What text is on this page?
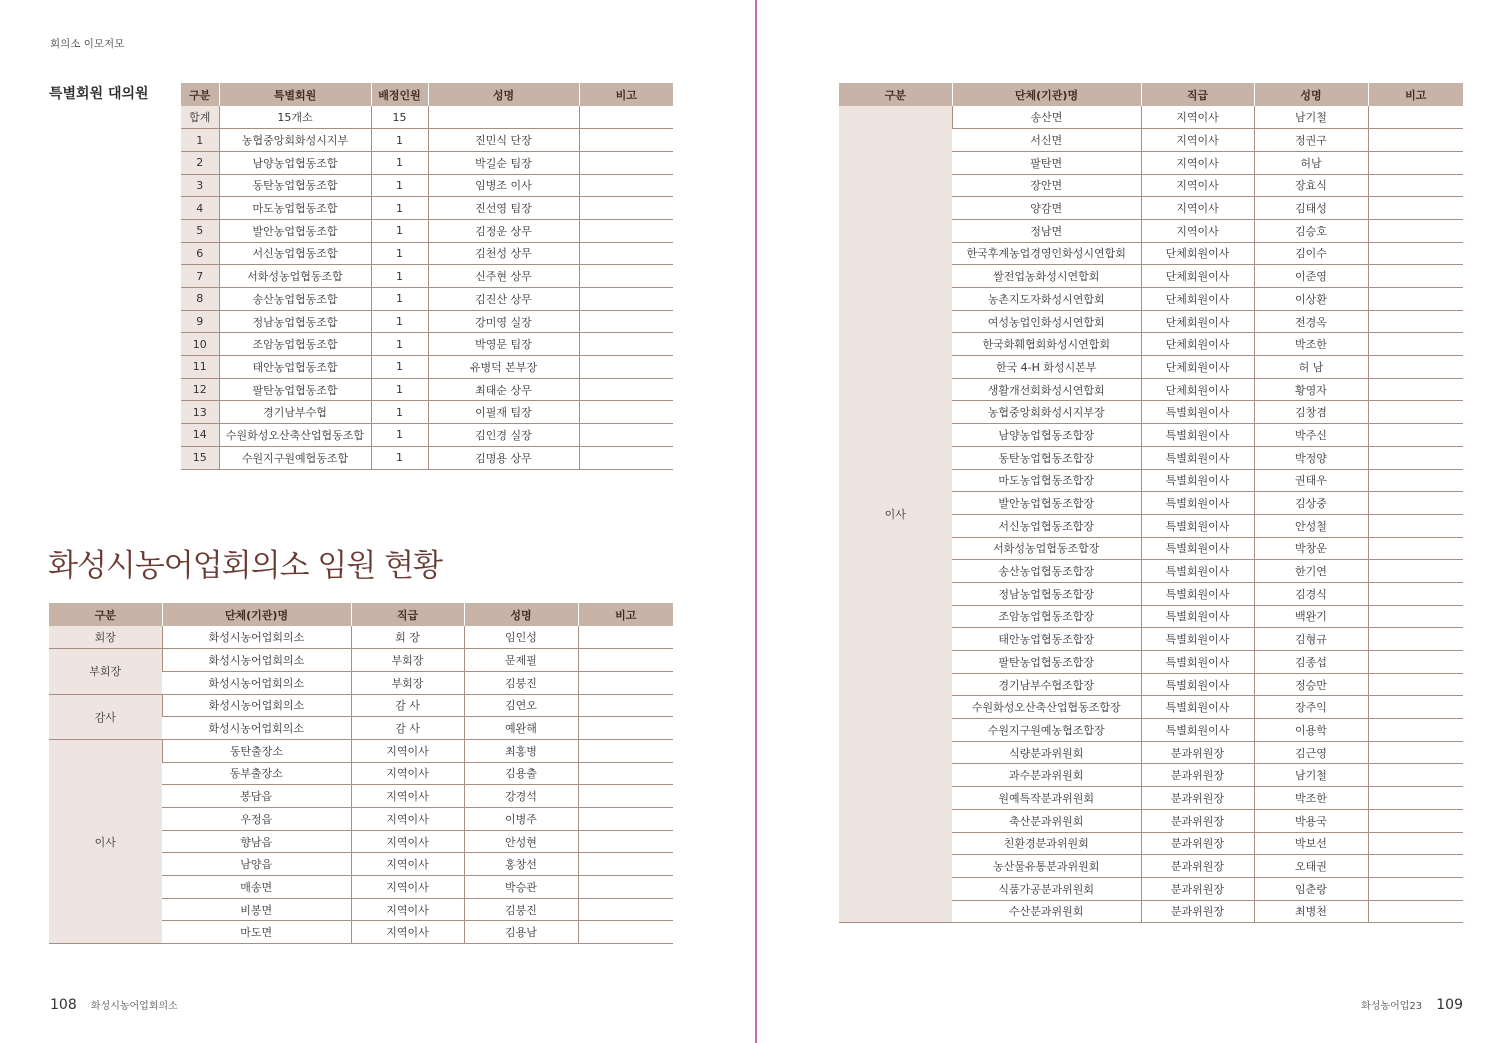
회의소 이모저모
특별회원 대의원	구분	특별회원	배정인원	성명	비고
합계	15개소	15		
1	농협중앙회화성시지부	1	진민식 단장	
2	남양농업협동조합	1	박길순 팀장	
3	동탄농업협동조합	1	임병조 이사	
4	마도농업협동조합	1	진선영 팀장	
5	발안농업협동조합	1	김정운 상무	
6	서신농업협동조합	1	김천성 상무	
7	서화성농업협동조합	1	신주현 상무	
8	송산농업협동조합	1	김진산 상무	
9	정남농업협동조합	1	강미영 실장	
10	조암농업협동조합	1	박영문 팀장	
11	태안농업협동조합	1	유병덕 본부장	
12	팔탄농업협동조합	1	최태순 상무	
13	경기남부수협	1	이필재 팀장	
14	수원화성오산축산업협동조합	1	김인경 실장	
15	수원지구원예협동조합	1	김명용 상무	
화성시농어업회의소 임원 현황
구분	단체(기관)명	직급	성명	비고
회장	화성시농어업회의소	회 장	임인성	
부회장	화성시농어업회의소	부회장	문제필	
	화성시농어업회의소	부회장	김붕진	
감사	화성시농어업회의소	감 사	김연오	
	화성시농어업회의소	감 사	예완해	
이사	동탄출장소	지역이사	최홍병	
	동부출장소	지역이사	김용출	
	봉담읍	지역이사	강경석	
	우정읍	지역이사	이병주	
	향남읍	지역이사	안성현	
	남양읍	지역이사	홍창선	
	매송면	지역이사	박승관	
	비봉면	지역이사	김붕진	
	마도면	지역이사	김용남	
108 화성시농어업회의소	화성농어업23 109
구분	단체(기관)명	직급	성명	비고
이사	송산면	지역이사	남기철	
	서신면	지역이사	정권구	
	팔탄면	지역이사	허남	
	장안면	지역이사	장효식	
	양감면	지역이사	김태성	
	정남면	지역이사	김승호	
	한국후계농업경영인화성시연합회	단체회원이사	김이수	
	쌀전업농화성시연합회	단체회원이사	이준영	
	농촌지도자화성시연합회	단체회원이사	이상환	
	여성농업인화성시연합회	단체회원이사	전경옥	
	한국화훼협회화성시연합회	단체회원이사	박조한	
	한국 4-H 화성시본부	단체회원이사	허 남	
	생활개선회화성시연합회	단체회원이사	황영자	
	농협중앙회화성시지부장	특별회원이사	김창겸	
	남양농업협동조합장	특별회원이사	박주신	
	동탄농업협동조합장	특별회원이사	박정양	
	마도농업협동조합장	특별회원이사	권태우	
	발안농업협동조합장	특별회원이사	김상중	
	서신농업협동조합장	특별회원이사	안성철	
	서화성농업협동조합장	특별회원이사	박창운	
	송산농업협동조합장	특별회원이사	한기연	
	정남농업협동조합장	특별회원이사	김경식	
	조암농업협동조합장	특별회원이사	백완기	
	태안농업협동조합장	특별회원이사	김형규	
	팔탄농업협동조합장	특별회원이사	김종섭	
	경기남부수협조합장	특별회원이사	정승만	
	수원화성오산축산업협동조합장	특별회원이사	장주익	
	수원지구원예농협조합장	특별회원이사	이용학	
	식량분과위원회	분과위원장	김근영	
	과수분과위원회	분과위원장	남기철	
	원예특작분과위원회	분과위원장	박조한	
	축산분과위원회	분과위원장	박용국	
	친환경분과위원회	분과위원장	박보선	
	농산물유통분과위원회	분과위원장	오태권	
	식품가공분과위원회	분과위원장	임춘랑	
	수산분과위원회	분과위원장	최병천	
